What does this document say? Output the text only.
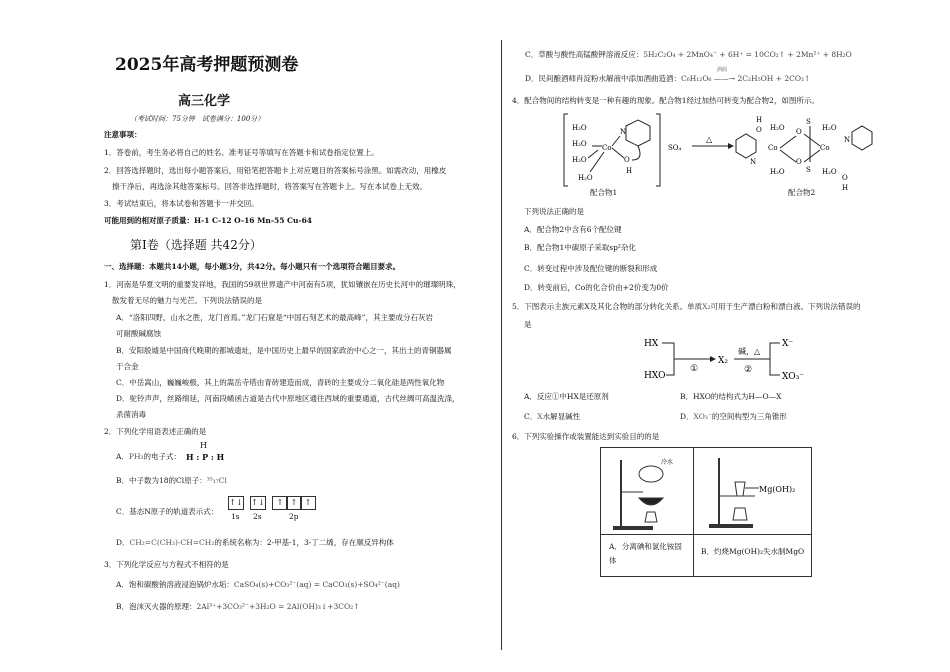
2025年高考押题预测卷
高三化学
（考试时间：75分钟　试卷满分：100分）
注意事项：
1．答卷前，考生务必将自己的姓名、准考证号等填写在答题卡和试卷指定位置上。
2．回答选择题时，选出每小题答案后，用铅笔把答题卡上对应题目的答案标号涂黑。如需改动，用橡皮
擦干净后，再选涂其他答案标号。回答非选择题时，将答案写在答题卡上。写在本试卷上无效。
3．考试结束后，将本试卷和答题卡一并交回。
可能用到的相对原子质量：H-1 C-12 O-16 Mn-55 Cu-64
第Ⅰ卷（选择题 共42分）
一、选择题：本题共14小题，每小题3分，共42分。每小题只有一个选项符合题目要求。
1．河南是华夏文明的重要发祥地，我国的59项世界遗产中河南有5项，犹如镶嵌在历史长河中的璀璨明珠，
散发着无尽的魅力与光芒。下列说法错误的是
A．“洛阳四野，山水之胜，龙门首焉。”龙门石窟是“中国石刻艺术的最高峰”，其主要成分石灰岩
可耐酸碱腐蚀
B．安阳殷墟是中国商代晚期的都城遗址，是中国历史上最早的国家政治中心之一，其出土的青铜器属
于合金
C．中岳嵩山，巍巍峻极，其上的嵩岳寺塔由青砖建造而成，青砖的主要成分二氧化硅是两性氧化物
D．驼铃声声，丝路绵延，河南段崤函古道是古代中原地区通往西域的重要通道，古代丝绸可高温洗涤，
杀菌消毒
2．下列化学用语表述正确的是
A．PH₃的电子式：
H
H : P : H
B．中子数为18的Cl原子：³⁵₁₇Cl
C．基态N原子的轨道表示式：
↑↓ ↑↓	↑ ↑ ↑
1s 2s	2p
D．CH₂=C(CH₃)-CH=CH₂的系统名称为：2-甲基-1，3-丁二烯，存在顺反异构体
3．下列化学反应与方程式不相符的是
A．饱和碳酸钠溶液浸泡锅炉水垢：CaSO₄(s)+CO₃²⁻(aq) = CaCO₃(s)+SO₄²⁻(aq)
B．泡沫灭火器的原理：2Al³⁺+3CO₃²⁻+3H₂O = 2Al(OH)₃↓+3CO₂↑
C．草酸与酸性高锰酸钾溶液反应：5H₂C₂O₄ + 2MnO₄⁻ + 6H⁺ = 10CO₂↑ + 2Mn²⁺ + 8H₂O
D．民间酿酒师肖淀粉水解液中添加酒曲造酒：C₆H₁₂O₆ ——→ 2C₂H₅OH + 2CO₂↑
酒曲
4．配合物间的结构转变是一种有趣的现象。配合物1经过加热可转变为配合物2，如图所示。
H₂O
H₂O
H₂O
H₂O
Co
N
O
H
SO₄
△
N
O
H
Co
H₂O
H₂O
O
S
S
O
Co
H₂O
H₂O
O
H
N
配合物1	配合物2
下列说法正确的是
A．配合物2中含有6个配位键
B．配合物1中碳原子采取sp²杂化
C．转变过程中涉及配位键的断裂和形成
D．转变前后，Co的化合价由+2价变为0价
5．下图表示主族元素X及其化合物的部分转化关系。单质X₂可用于生产漂白粉和漂白液。下列说法错误的
是
HX
HXO
①
X₂
碱，△
②
X⁻
XO₃⁻
A．反应①中HX是还原剂	B．HXO的结构式为H—O—X
C．X水解显碱性	D．XO₃⁻的空间构型为三角锥形
6．下列实验操作或装置能达到实验目的的是
冷水
Mg(OH)₂
A．分离碘和氯化铵固体
B．灼烧Mg(OH)₂失水制MgO
